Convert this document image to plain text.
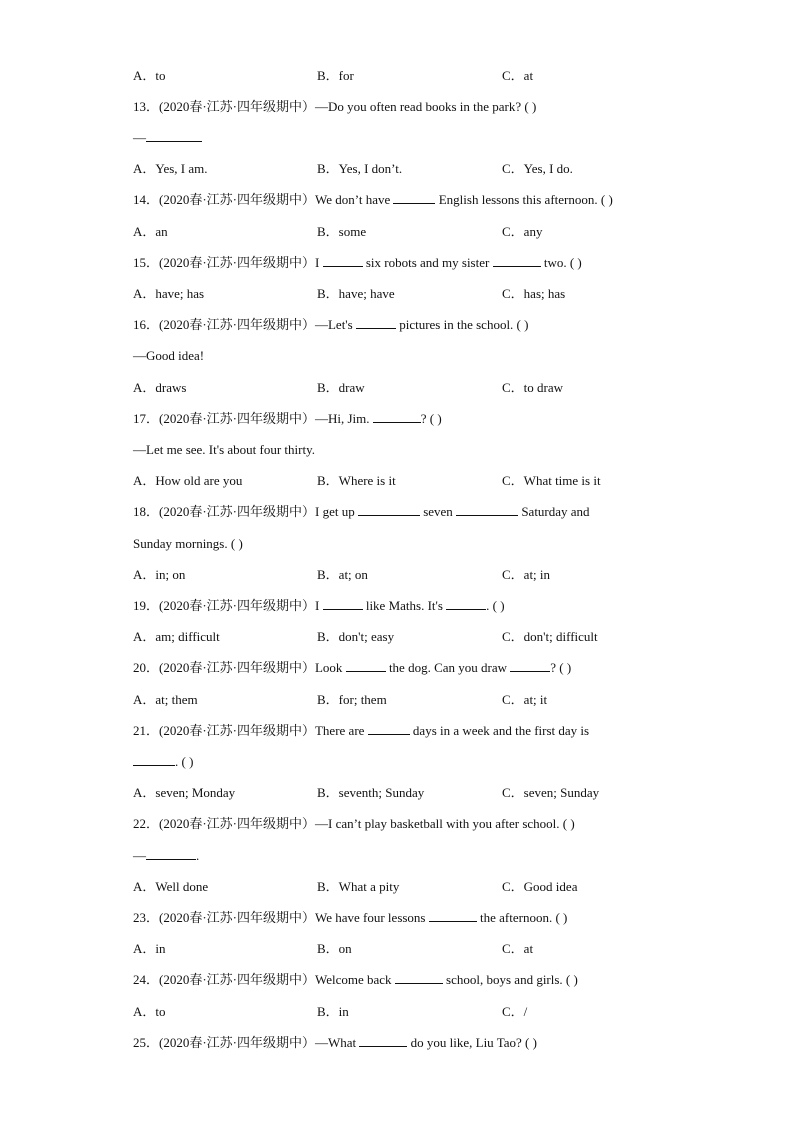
A．to	B．for	C．at
13．(2020春·江苏·四年级期中）—Do you often read books in the park? ( )
—
A．Yes, I am.	B．Yes, I don’t.	C．Yes, I do.
14．(2020春·江苏·四年级期中）We don’t have	English lessons this afternoon. ( )
A．an	B．some	C．any
15．(2020春·江苏·四年级期中）I	six robots and my sister	two. ( )
A．have; has	B．have; have	C．has; has
16．(2020春·江苏·四年级期中）—Let's	pictures in the school. ( )
—Good idea!
A．draws	B．draw	C．to draw
17．(2020春·江苏·四年级期中）—Hi, Jim.	? ( )
—Let me see. It's about four thirty.
A．How old are you	B．Where is it	C．What time is it
18．(2020春·江苏·四年级期中）I get up	seven	Saturday and
Sunday mornings. ( )
A．in; on	B．at; on	C．at; in
19．(2020春·江苏·四年级期中）I	like Maths. It's	. ( )
A．am; difficult	B．don't; easy	C．don't; difficult
20．(2020春·江苏·四年级期中）Look	the dog. Can you draw	? ( )
A．at; them	B．for; them	C．at; it
21．(2020春·江苏·四年级期中）There are	days in a week and the first day is
. ( )
A．seven; Monday	B．seventh; Sunday	C．seven; Sunday
22．(2020春·江苏·四年级期中）—I can’t play basketball with you after school. ( )
—	.
A．Well done	B．What a pity	C．Good idea
23．(2020春·江苏·四年级期中）We have four lessons	the afternoon. ( )
A．in	B．on	C．at
24．(2020春·江苏·四年级期中）Welcome back	school, boys and girls. ( )
A．to	B．in	C．/
25．(2020春·江苏·四年级期中）—What	do you like, Liu Tao? ( )
